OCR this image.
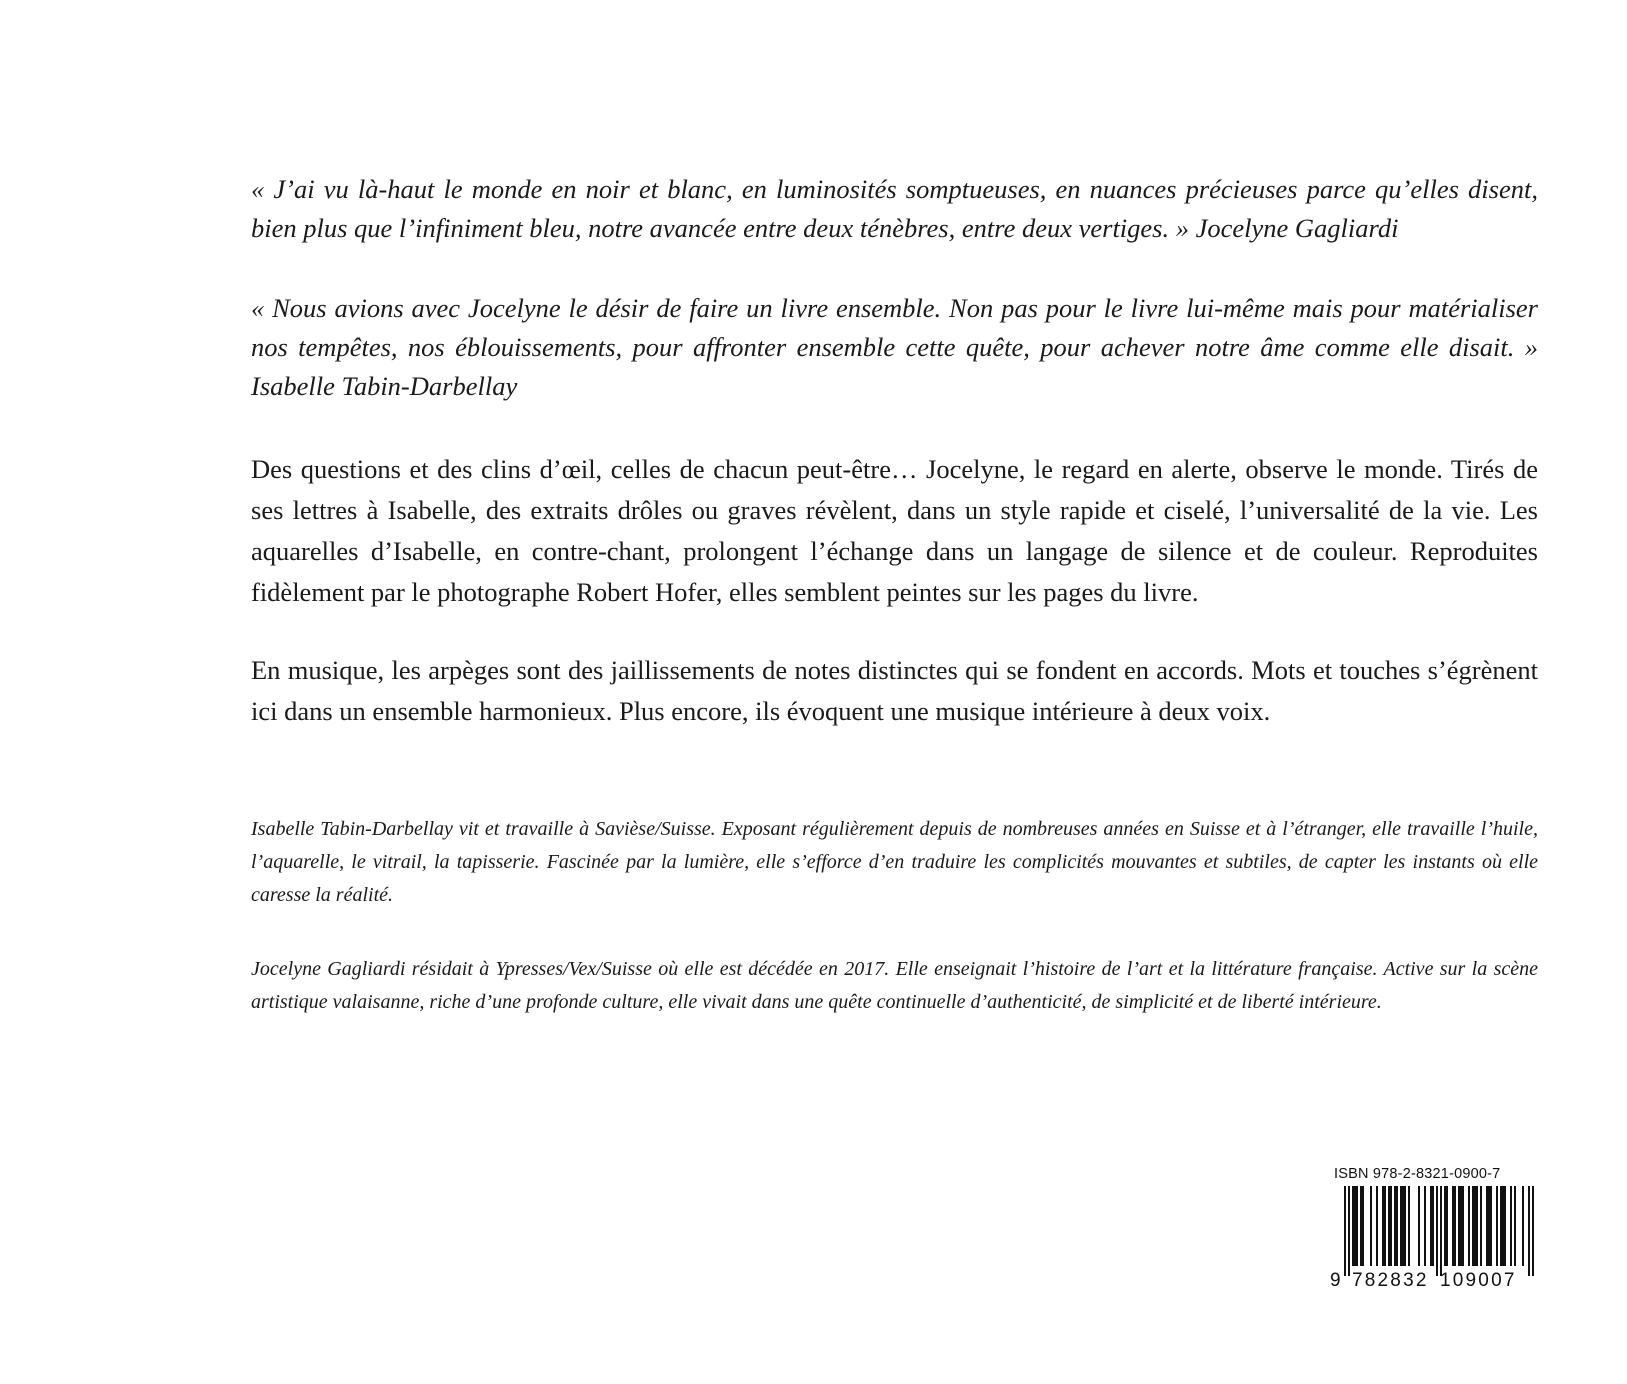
« J’ai vu là-haut le monde en noir et blanc, en luminosités somptueuses, en nuances précieuses parce qu’elles disent, bien plus que l’infiniment bleu, notre avancée entre deux ténèbres, entre deux vertiges. » Jocelyne Gagliardi

« Nous avions avec Jocelyne le désir de faire un livre ensemble. Non pas pour le livre lui-même mais pour matérialiser nos tempêtes, nos éblouissements, pour affronter ensemble cette quête, pour achever notre âme comme elle disait. » Isabelle Tabin-Darbellay

Des questions et des clins d’œil, celles de chacun peut-être… Jocelyne, le regard en alerte, observe le monde. Tirés de ses lettres à Isabelle, des extraits drôles ou graves révèlent, dans un style rapide et ciselé, l’universalité de la vie. Les aquarelles d’Isabelle, en contre-chant, prolongent l’échange dans un langage de silence et de couleur. Reproduites fidèlement par le photographe Robert Hofer, elles semblent peintes sur les pages du livre.

En musique, les arpèges sont des jaillissements de notes distinctes qui se fondent en accords. Mots et touches s’égrènent ici dans un ensemble harmonieux. Plus encore, ils évoquent une musique intérieure à deux voix.

Isabelle Tabin-Darbellay vit et travaille à Savièse/Suisse. Exposant régulièrement depuis de nombreuses années en Suisse et à l’étranger, elle travaille l’huile, l’aquarelle, le vitrail, la tapisserie. Fascinée par la lumière, elle s’efforce d’en traduire les complicités mouvantes et subtiles, de capter les instants où elle caresse la réalité.

Jocelyne Gagliardi résidait à Ypresses/Vex/Suisse où elle est décédée en 2017. Elle enseignait l’histoire de l’art et la littérature française. Active sur la scène artistique valaisanne, riche d’une profonde culture, elle vivait dans une quête continuelle d’authenticité, de simplicité et de liberté intérieure.

ISBN 978-2-8321-0900-7
9 782832 109007
